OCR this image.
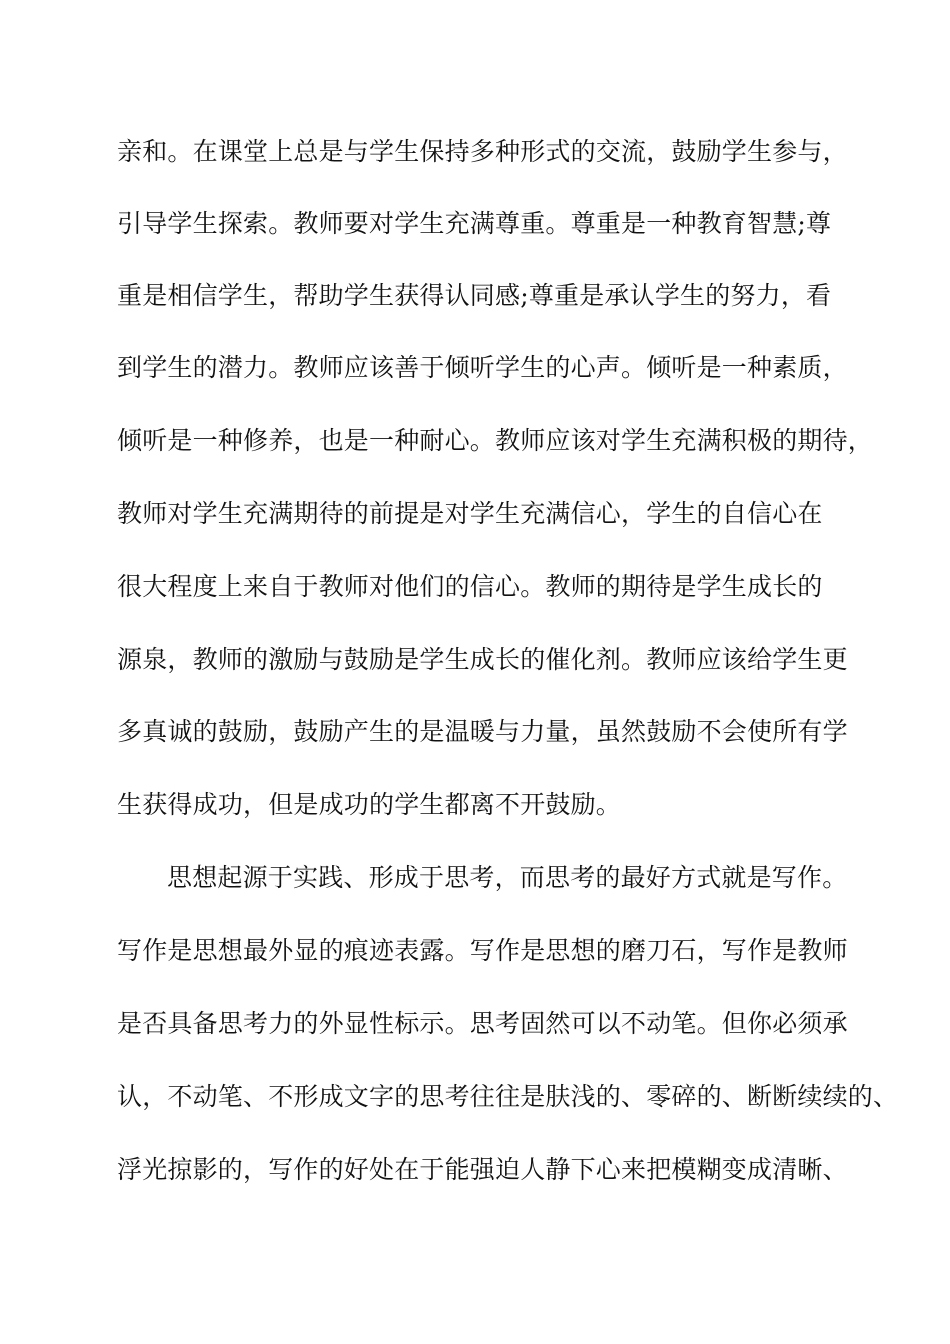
亲和。在课堂上总是与学生保持多种形式的交流，鼓励学生参与，
引导学生探索。教师要对学生充满尊重。尊重是一种教育智慧;尊
重是相信学生，帮助学生获得认同感;尊重是承认学生的努力，看
到学生的潜力。教师应该善于倾听学生的心声。倾听是一种素质，
倾听是一种修养，也是一种耐心。教师应该对学生充满积极的期待，
教师对学生充满期待的前提是对学生充满信心，学生的自信心在
很大程度上来自于教师对他们的信心。教师的期待是学生成长的
源泉，教师的激励与鼓励是学生成长的催化剂。教师应该给学生更
多真诚的鼓励，鼓励产生的是温暖与力量，虽然鼓励不会使所有学
生获得成功，但是成功的学生都离不开鼓励。
思想起源于实践、形成于思考，而思考的最好方式就是写作。
写作是思想最外显的痕迹表露。写作是思想的磨刀石，写作是教师
是否具备思考力的外显性标示。思考固然可以不动笔。但你必须承
认，不动笔、不形成文字的思考往往是肤浅的、零碎的、断断续续的、
浮光掠影的，写作的好处在于能强迫人静下心来把模糊变成清晰、
